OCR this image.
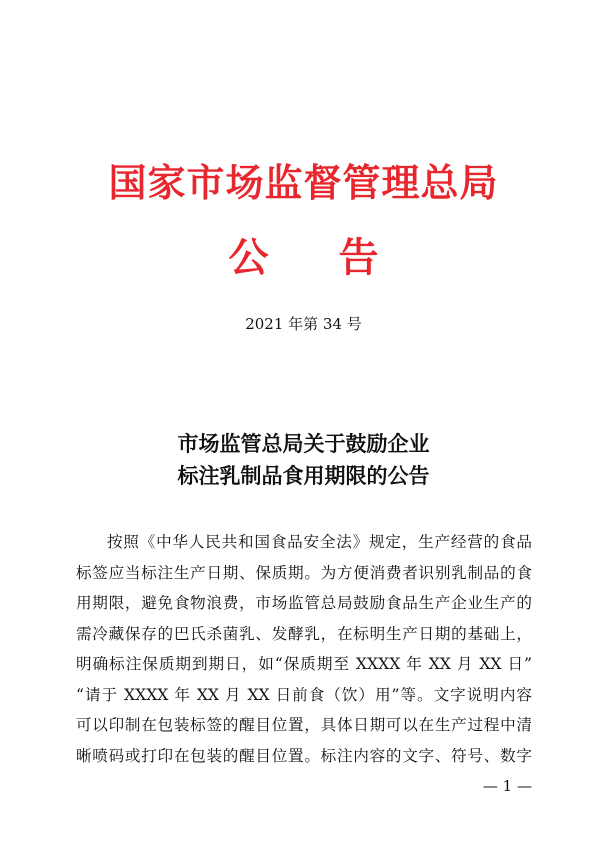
国家市场监督管理总局
公告
2021 年第 34 号
市场监管总局关于鼓励企业
标注乳制品食用期限的公告
按照《中华人民共和国食品安全法》规定，生产经营的食品
标签应当标注生产日期、保质期。为方便消费者识别乳制品的食
用期限，避免食物浪费，市场监管总局鼓励食品生产企业生产的
需冷藏保存的巴氏杀菌乳、发酵乳，在标明生产日期的基础上，
明确标注保质期到期日，如“保质期至 XXXX 年 XX 月 XX 日”
“请于 XXXX 年 XX 月 XX 日前食（饮）用”等。文字说明内容
可以印制在包装标签的醒目位置，具体日期可以在生产过程中清
晰喷码或打印在包装的醒目位置。标注内容的文字、符号、数字
— 1 —
